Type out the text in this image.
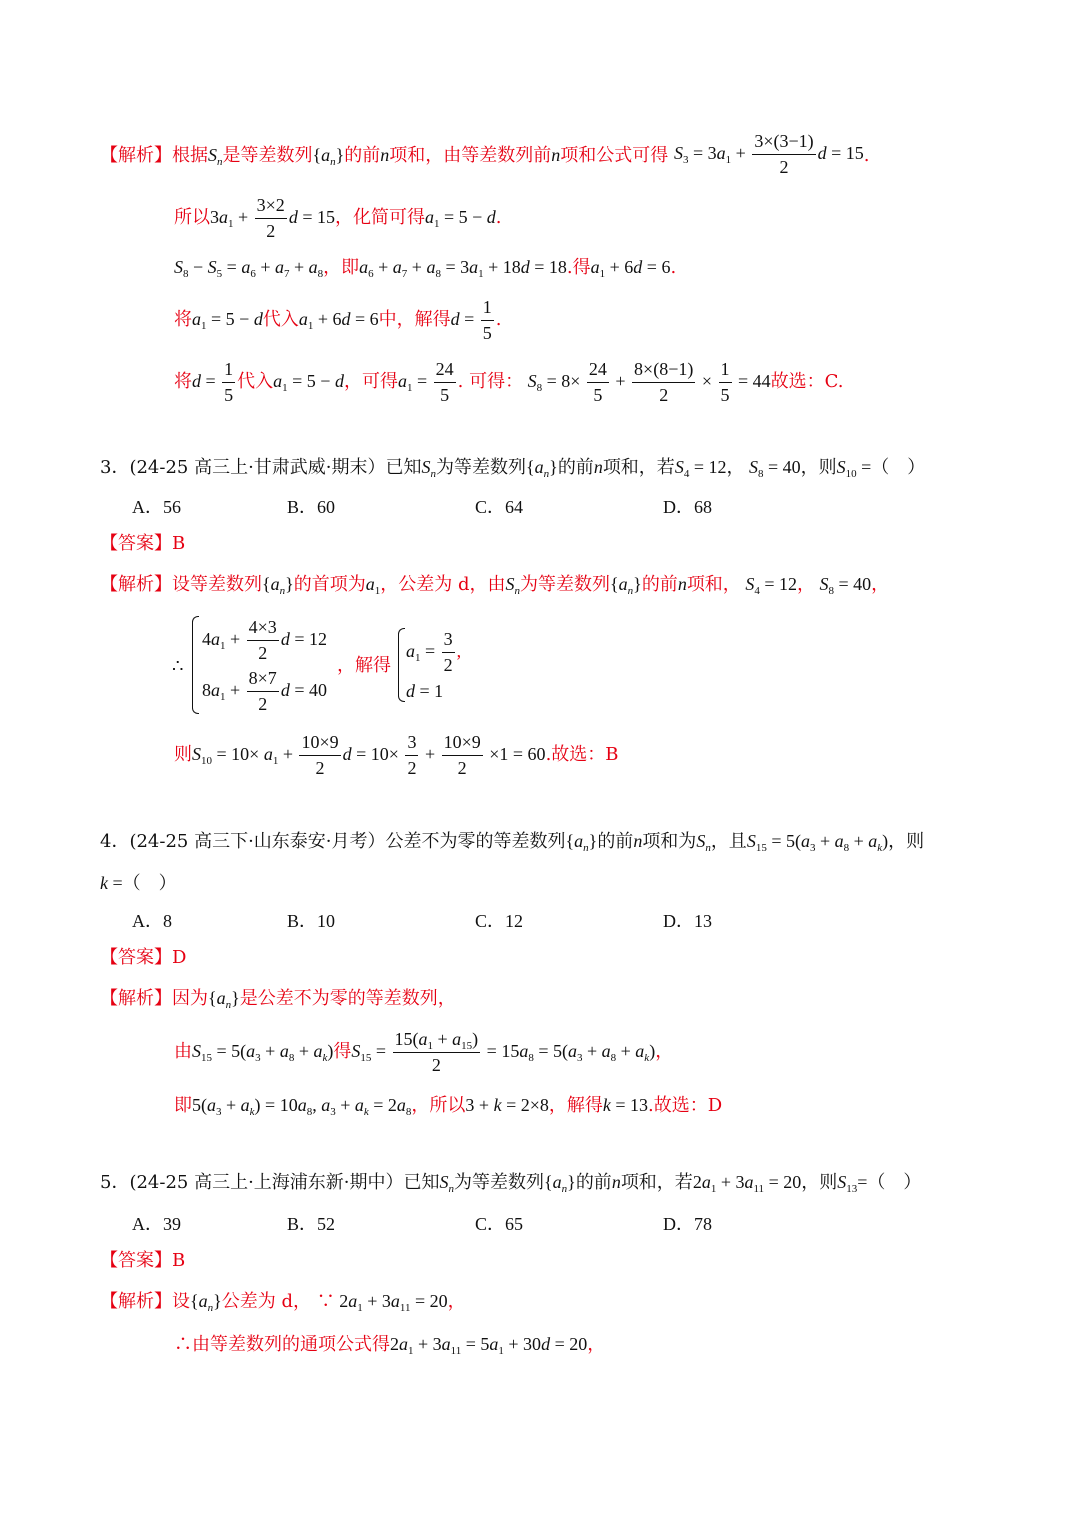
【解析】根据$S_n$是等差数列$\{a_n\}$的前n项和，由等差数列前n项和公式可得 $S_3 = 3a_1 + \frac{3\times(3-1)}{2}$ d = 15.
所以$3a_1 + \frac{3\times 2}{2}$ d = 15，化简可得$a_1 = 5 - d$.
$S_8 - S_5 = a_6 + a_7 + a_8$，即$a_6 + a_7 + a_8 = 3a_1 + 18d = 18$.得$a_1 + 6d = 6$.
将$a_1 = 5 - d$代入$a_1 + 6d = 6$中，解得$d = \frac{1}{5}$ .
将$d = \frac{1}{5}$ 代入$a_1 = 5 - d$，可得$a_1 = \frac{24}{5}$ . 可得： $S_8 = 8\times \frac{24}{5} + \frac{8\times(8-1)}{2} \times \frac{1}{5} = 44$故选：C.
3．(24-25 高三上·甘肃武威·期末）已知$S_n$为等差数列$\{a_n\}$的前n项和，若$S_4 = 12$， $S_8 = 40$，则$S_{10}$ =（　）
A．56	B．60	C．64	D．68
【答案】B
【解析】设等差数列$\{a_n\}$的首项为$a_1$，公差为 d，由$S_n$为等差数列$\{a_n\}$的前n项和， $S_4 = 12$， $S_8 = 40$，
∴
$4a_1 + \frac{4\times 3}{2}$ d = 12
$8a_1 + \frac{8\times 7}{2}$ d = 40
，解得
$a_1 = \frac{3}{2}$ ,
d = 1
则$S_{10} = 10\times a_1 + \frac{10\times 9}{2}$ $d = 10\times \frac{3}{2} + \frac{10\times 9}{2} \times 1 = 60$.故选：B
4．(24-25 高三下·山东泰安·月考）公差不为零的等差数列$\{a_n\}$的前n项和为$S_n$，且$S_{15} = 5(a_3 + a_8 + a_k)$，则
k =（　）
A．8	B．10	C．12	D．13
【答案】D
【解析】因为$\{a_n\}$是公差不为零的等差数列，
由$S_{15} = 5(a_3 + a_8 + a_k)$得$S_{15} = \frac{15(a_1 + a_{15})}{2} = 15a_8 = 5(a_3 + a_8 + a_k)$，
即$5(a_3 + a_k) = 10a_8$, $a_3 + a_k = 2a_8$，所以3 + k = 2×8，解得k = 13.故选：D
5．(24-25 高三上·上海浦东新·期中）已知$S_n$为等差数列$\{a_n\}$的前n项和，若$2a_1 + 3a_{11} = 20$，则$S_{13}=$（　）
A．39	B．52	C．65	D．78
【答案】B
【解析】设$\{a_n\}$公差为 d， ∵ $2a_1 + 3a_{11} = 20$，
∴由等差数列的通项公式得$2a_1 + 3a_{11} = 5a_1 + 30d = 20$，
